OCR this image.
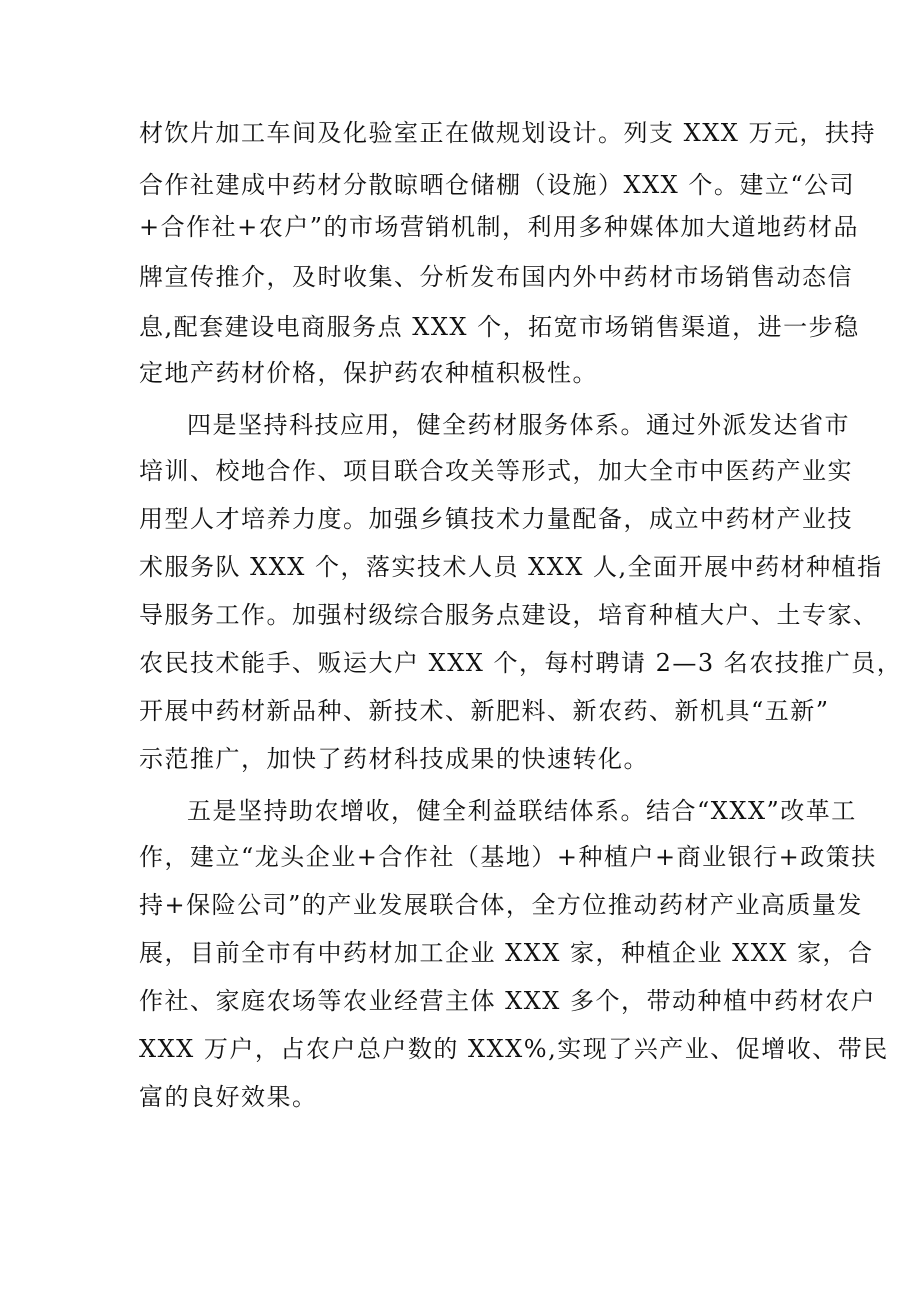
材饮片加工车间及化验室正在做规划设计。列支 XXX 万元，扶持
合作社建成中药材分散晾晒仓储棚（设施）XXX 个。建立“公司
+合作社+农户”的市场营销机制，利用多种媒体加大道地药材品
牌宣传推介，及时收集、分析发布国内外中药材市场销售动态信
息,配套建设电商服务点 XXX 个，拓宽市场销售渠道，进一步稳
定地产药材价格，保护药农种植积极性。
四是坚持科技应用，健全药材服务体系。通过外派发达省市
培训、校地合作、项目联合攻关等形式，加大全市中医药产业实
用型人才培养力度。加强乡镇技术力量配备，成立中药材产业技
术服务队 XXX 个，落实技术人员 XXX 人,全面开展中药材种植指
导服务工作。加强村级综合服务点建设，培育种植大户、土专家、
农民技术能手、贩运大户 XXX 个，每村聘请 2—3 名农技推广员，
开展中药材新品种、新技术、新肥料、新农药、新机具“五新”
示范推广，加快了药材科技成果的快速转化。
五是坚持助农增收，健全利益联结体系。结合“XXX”改革工
作，建立“龙头企业+合作社（基地）+种植户+商业银行+政策扶
持+保险公司”的产业发展联合体，全方位推动药材产业高质量发
展，目前全市有中药材加工企业 XXX 家，种植企业 XXX 家，合
作社、家庭农场等农业经营主体 XXX 多个，带动种植中药材农户
XXX 万户，占农户总户数的 XXX%,实现了兴产业、促增收、带民
富的良好效果。
